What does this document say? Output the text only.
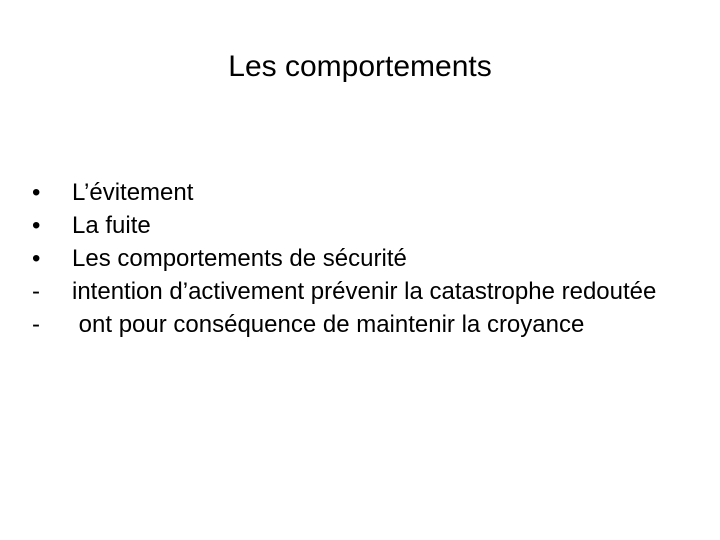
Les comportements
•	L’évitement
•	La fuite
•	Les comportements de sécurité
-	intention d’activement prévenir la catastrophe redoutée
-	ont pour conséquence de maintenir la croyance
